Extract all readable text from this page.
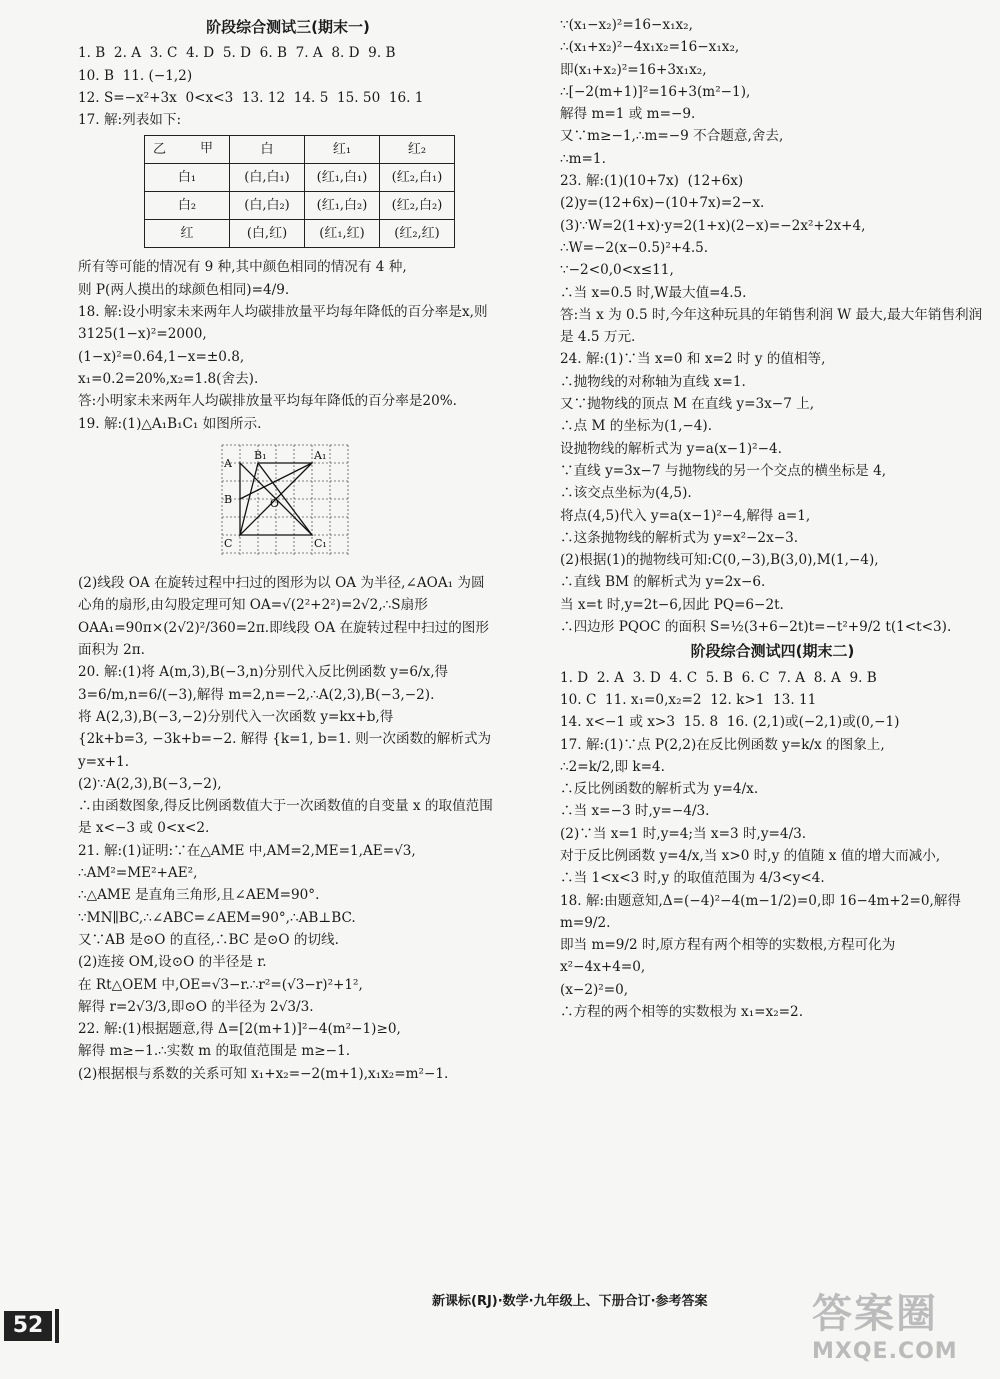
阶段综合测试三(期末一)
1. B  2. A  3. C  4. D  5. D  6. B  7. A  8. D  9. B
10. B  11. (−1,2)
12. S=−x²+3x  0<x<3  13. 12  14. 5  15. 50  16. 1
17. 解:列表如下:
甲
乙	白	红₁	红₂
白₁	(白,白₁)	(红₁,白₁)	(红₂,白₁)
白₂	(白,白₂)	(红₁,白₂)	(红₂,白₂)
红	(白,红)	(红₁,红)	(红₂,红)
所有等可能的情况有 9 种,其中颜色相同的情况有 4 种,
则 P(两人摸出的球颜色相同)=4/9.
18. 解:设小明家未来两年人均碳排放量平均每年降低的百分率是x,则 3125(1−x)²=2000,
(1−x)²=0.64,1−x=±0.8,
x₁=0.2=20%,x₂=1.8(舍去).
答:小明家未来两年人均碳排放量平均每年降低的百分率是20%.
19. 解:(1)△A₁B₁C₁ 如图所示.
A
B₁	A₁
B	O
C	C₁
(2)线段 OA 在旋转过程中扫过的图形为以 OA 为半径,∠AOA₁ 为圆心角的扇形,由勾股定理可知 OA=√(2²+2²)=2√2,∴S扇形OAA₁=90π×(2√2)²/360=2π.即线段 OA 在旋转过程中扫过的图形面积为 2π.
20. 解:(1)将 A(m,3),B(−3,n)分别代入反比例函数 y=6/x,得
3=6/m,n=6/(−3),解得 m=2,n=−2,∴A(2,3),B(−3,−2).
将 A(2,3),B(−3,−2)分别代入一次函数 y=kx+b,得
{2k+b=3, −3k+b=−2. 解得 {k=1, b=1. 则一次函数的解析式为 y=x+1.
(2)∵A(2,3),B(−3,−2),
∴由函数图象,得反比例函数值大于一次函数值的自变量 x 的取值范围是 x<−3 或 0<x<2.
21. 解:(1)证明:∵在△AME 中,AM=2,ME=1,AE=√3,
∴AM²=ME²+AE²,
∴△AME 是直角三角形,且∠AEM=90°.
∵MN∥BC,∴∠ABC=∠AEM=90°,∴AB⊥BC.
又∵AB 是⊙O 的直径,∴BC 是⊙O 的切线.
(2)连接 OM,设⊙O 的半径是 r.
在 Rt△OEM 中,OE=√3−r.∴r²=(√3−r)²+1²,
解得 r=2√3/3,即⊙O 的半径为 2√3/3.
22. 解:(1)根据题意,得 Δ=[2(m+1)]²−4(m²−1)≥0,
解得 m≥−1.∴实数 m 的取值范围是 m≥−1.
(2)根据根与系数的关系可知 x₁+x₂=−2(m+1),x₁x₂=m²−1.
∵(x₁−x₂)²=16−x₁x₂,
∴(x₁+x₂)²−4x₁x₂=16−x₁x₂,
即(x₁+x₂)²=16+3x₁x₂,
∴[−2(m+1)]²=16+3(m²−1),
解得 m=1 或 m=−9.
又∵m≥−1,∴m=−9 不合题意,舍去,
∴m=1.
23. 解:(1)(10+7x)  (12+6x)
(2)y=(12+6x)−(10+7x)=2−x.
(3)∵W=2(1+x)·y=2(1+x)(2−x)=−2x²+2x+4,
∴W=−2(x−0.5)²+4.5.
∵−2<0,0<x≤11,
∴当 x=0.5 时,W最大值=4.5.
答:当 x 为 0.5 时,今年这种玩具的年销售利润 W 最大,最大年销售利润是 4.5 万元.
24. 解:(1)∵当 x=0 和 x=2 时 y 的值相等,
∴抛物线的对称轴为直线 x=1.
又∵抛物线的顶点 M 在直线 y=3x−7 上,
∴点 M 的坐标为(1,−4).
设抛物线的解析式为 y=a(x−1)²−4.
∵直线 y=3x−7 与抛物线的另一个交点的横坐标是 4,
∴该交点坐标为(4,5).
将点(4,5)代入 y=a(x−1)²−4,解得 a=1,
∴这条抛物线的解析式为 y=x²−2x−3.
(2)根据(1)的抛物线可知:C(0,−3),B(3,0),M(1,−4),
∴直线 BM 的解析式为 y=2x−6.
当 x=t 时,y=2t−6,因此 PQ=6−2t.
∴四边形 PQOC 的面积 S=½(3+6−2t)t=−t²+9/2 t(1<t<3).
阶段综合测试四(期末二)
1. D  2. A  3. D  4. C  5. B  6. C  7. A  8. A  9. B
10. C  11. x₁=0,x₂=2  12. k>1  13. 11
14. x<−1 或 x>3  15. 8  16. (2,1)或(−2,1)或(0,−1)
17. 解:(1)∵点 P(2,2)在反比例函数 y=k/x 的图象上,
∴2=k/2,即 k=4.
∴反比例函数的解析式为 y=4/x.
∴当 x=−3 时,y=−4/3.
(2)∵当 x=1 时,y=4;当 x=3 时,y=4/3.
对于反比例函数 y=4/x,当 x>0 时,y 的值随 x 值的增大而减小,
∴当 1<x<3 时,y 的取值范围为 4/3<y<4.
18. 解:由题意知,Δ=(−4)²−4(m−1/2)=0,即 16−4m+2=0,解得 m=9/2.
即当 m=9/2 时,原方程有两个相等的实数根,方程可化为
x²−4x+4=0,
(x−2)²=0,
∴方程的两个相等的实数根为 x₁=x₂=2.
52
新课标(RJ)·数学·九年级上、下册合订·参考答案	答案圈
MXQE.COM
